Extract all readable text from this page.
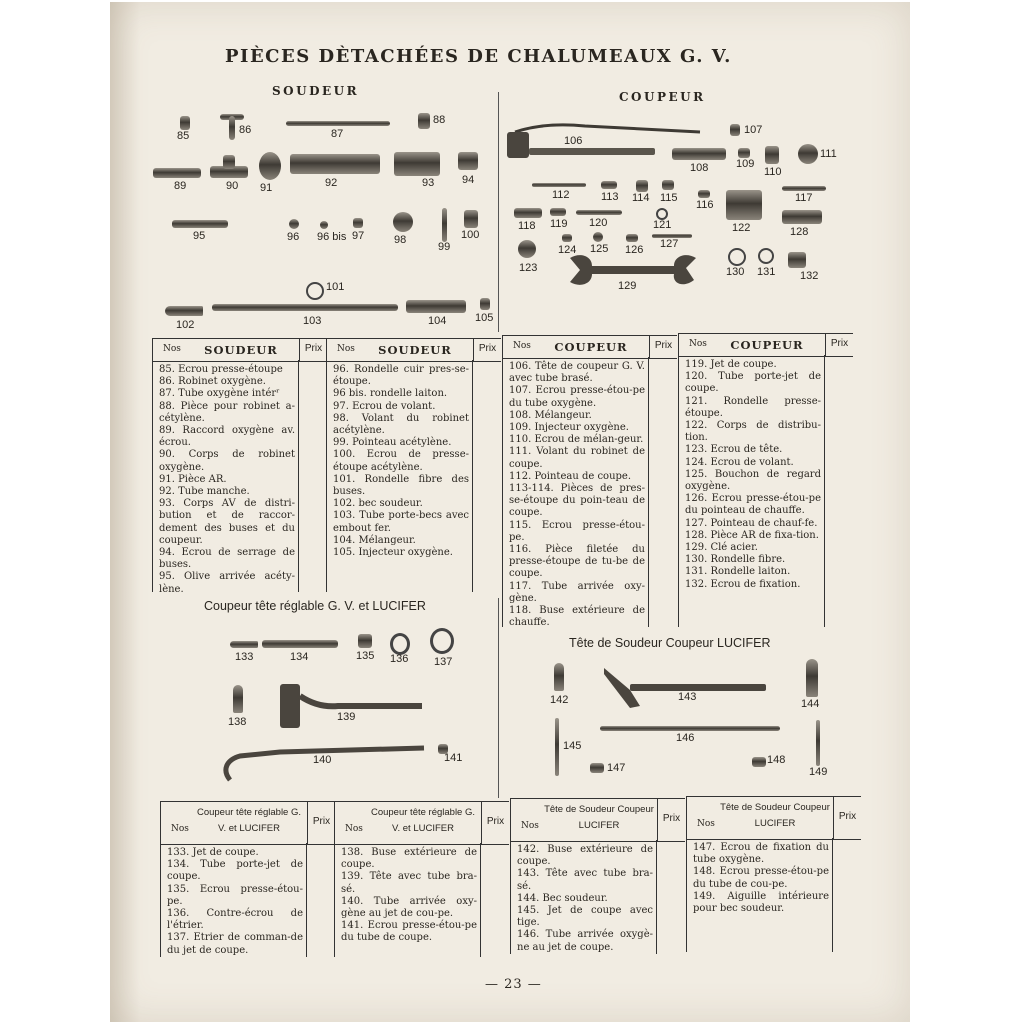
PIÈCES DÈTACHÉES DE CHALUMEAUX G. V.
SOUDEUR	COUPEUR
85	86	87
88
89	90 91	92	93	94
95	96 96 bis 97	98
99
100
101
102	103	104	105
106
107
108	109
110
111
112	113 114 115
116
117
118 119 120	121	122	128
123
124 125 126 127
129
130 131 132
Nos	SOUDEUR	Prix
85. Ecrou presse-étoupe
86. Robinet oxygène.
87. Tube oxygène intérʳ
88. Pièce pour robinet a-cétylène.
89. Raccord oxygène av. écrou.
90. Corps de robinet oxygène.
91. Pièce AR.
92. Tube manche.
93. Corps AV de distri-bution et de raccor-dement des buses et du coupeur.
94. Ecrou de serrage de buses.
95. Olive arrivée acéty-lène.
Nos	SOUDEUR	Prix
96. Rondelle cuir pres-se-étoupe.
96 bis. rondelle laiton.
97. Ecrou de volant.
98. Volant du robinet acétylène.
99. Pointeau acétylène.
100. Ecrou de presse-étoupe acétylène.
101. Rondelle fibre des buses.
102. bec soudeur.
103. Tube porte-becs avec embout fer.
104. Mélangeur.
105. Injecteur oxygène.
Nos	COUPEUR	Prix
106. Tête de coupeur G. V. avec tube brasé.
107. Ecrou presse-étou-pe du tube oxygène.
108. Mélangeur.
109. Injecteur oxygène.
110. Ecrou de mélan-geur.
111. Volant du robinet de coupe.
112. Pointeau de coupe.
113-114. Pièces de pres-se-étoupe du poin-teau de coupe.
115. Ecrou presse-étou-pe.
116. Pièce filetée du presse-étoupe de tu-be de coupe.
117. Tube arrivée oxy-gène.
118. Buse extérieure de chauffe.
Nos	COUPEUR	Prix
119. Jet de coupe.
120. Tube porte-jet de coupe.
121. Rondelle presse-étoupe.
122. Corps de distribu-tion.
123. Ecrou de tête.
124. Ecrou de volant.
125. Bouchon de regard oxygène.
126. Ecrou presse-étou-pe du pointeau de chauffe.
127. Pointeau de chauf-fe.
128. Pièce AR de fixa-tion.
129. Clé acier.
130. Rondelle fibre.
131. Rondelle laiton.
132. Ecrou de fixation.
Coupeur tête réglable G. V. et LUCIFER
Tête de Soudeur Coupeur LUCIFER
133	134	135 136 137
138	139
140	141
142	143
144
145
146
147
148
149
Nos
Coupeur tête réglable G. V. et LUCIFER
Prix
133. Jet de coupe.
134. Tube porte-jet de coupe.
135. Ecrou presse-étou-pe.
136. Contre-écrou de l'étrier.
137. Etrier de comman-de du jet de coupe.
Nos
Coupeur tête réglable G. V. et LUCIFER
Prix
138. Buse extérieure de coupe.
139. Tête avec tube bra-sé.
140. Tube arrivée oxy-gène au jet de cou-pe.
141. Ecrou presse-étou-pe du tube de coupe.
Nos
Tête de Soudeur Coupeur LUCIFER
Prix
142. Buse extérieure de coupe.
143. Tête avec tube bra-sé.
144. Bec soudeur.
145. Jet de coupe avec tige.
146. Tube arrivée oxygè-ne au jet de coupe.
Nos
Tête de Soudeur Coupeur LUCIFER
Prix
147. Ecrou de fixation du tube oxygène.
148. Ecrou presse-étou-pe du tube de cou-pe.
149. Aiguille intérieure pour bec soudeur.
— 23 —
